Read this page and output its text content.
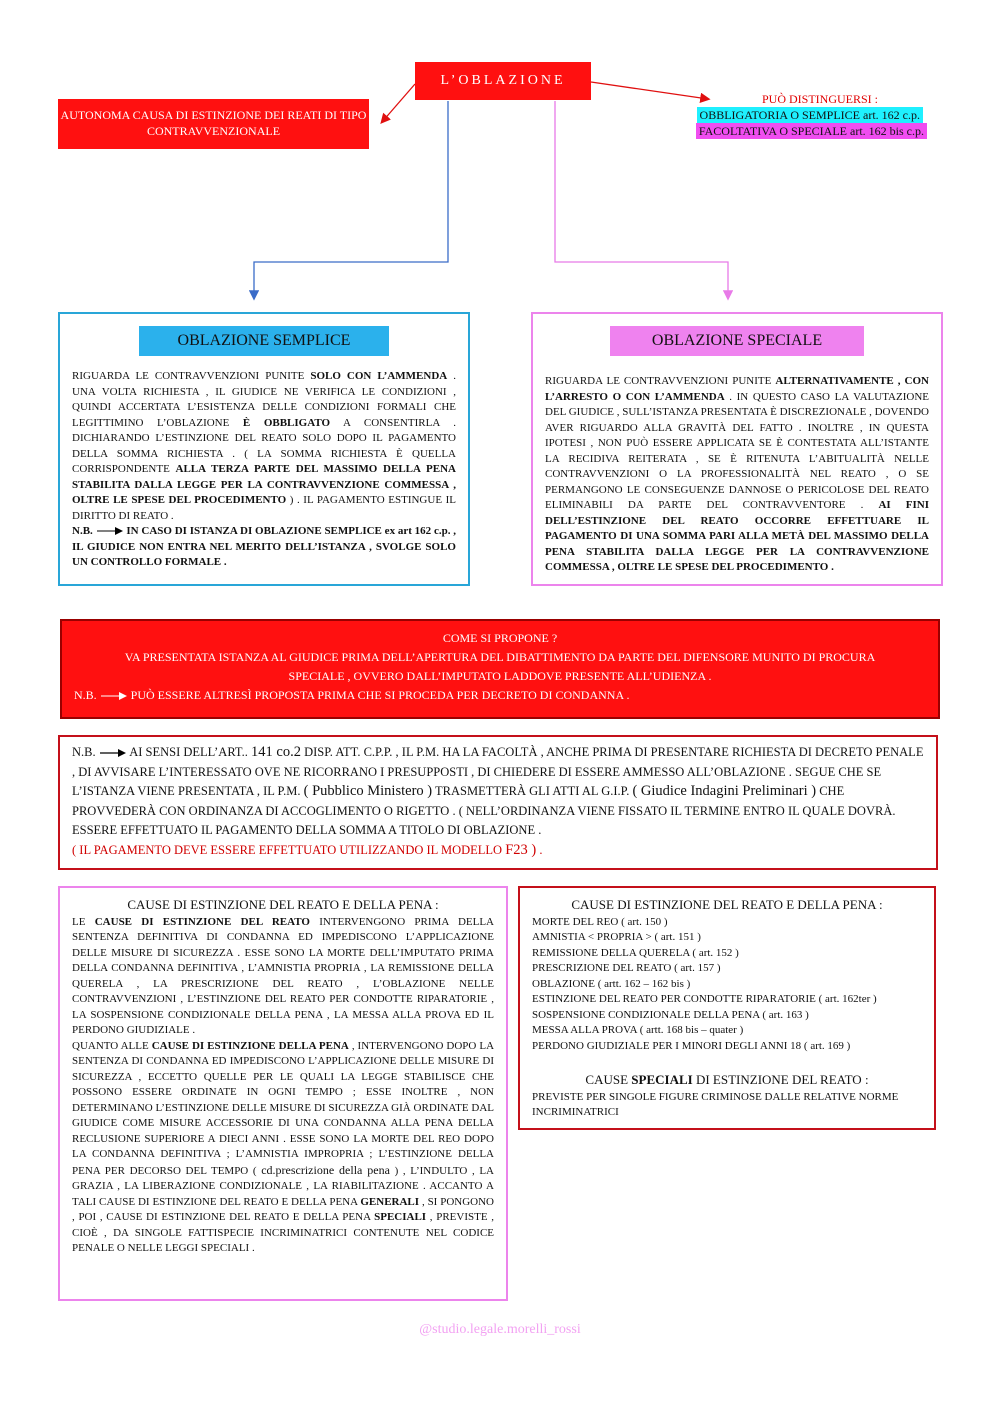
L’OBLAZIONE
AUTONOMA CAUSA DI ESTINZIONE DEI REATI DI TIPO CONTRAVVENZIONALE
PUÒ DISTINGUERSI :
OBBLIGATORIA O SEMPLICE art. 162 c.p.
FACOLTATIVA O SPECIALE art. 162 bis c.p.
OBLAZIONE SEMPLICE
RIGUARDA LE CONTRAVVENZIONI PUNITE SOLO CON L’AMMENDA . UNA VOLTA RICHIESTA , IL GIUDICE NE VERIFICA LE CONDIZIONI , QUINDI ACCERTATA L’ESISTENZA DELLE CONDIZIONI FORMALI CHE LEGITTIMINO L’OBLAZIONE È OBBLIGATO A CONSENTIRLA . DICHIARANDO L’ESTINZIONE DEL REATO SOLO DOPO IL PAGAMENTO DELLA SOMMA RICHIESTA . ( LA SOMMA RICHIESTA È QUELLA CORRISPONDENTE ALLA TERZA PARTE DEL MASSIMO DELLA PENA STABILITA DALLA LEGGE PER LA CONTRAVVENZIONE COMMESSA , OLTRE LE SPESE DEL PROCEDIMENTO ) . IL PAGAMENTO ESTINGUE IL DIRITTO DI REATO .
N.B.	IN CASO DI ISTANZA DI OBLAZIONE SEMPLICE ex art 162 c.p. , IL GIUDICE NON ENTRA NEL MERITO DELL’ISTANZA , SVOLGE SOLO UN CONTROLLO FORMALE .
OBLAZIONE SPECIALE
RIGUARDA LE CONTRAVVENZIONI PUNITE ALTERNATIVAMENTE , CON L’ARRESTO O CON L’AMMENDA . IN QUESTO CASO LA VALUTAZIONE DEL GIUDICE , SULL’ISTANZA PRESENTATA È DISCREZIONALE , DOVENDO AVER RIGUARDO ALLA GRAVITÀ DEL FATTO . INOLTRE , IN QUESTA IPOTESI , NON PUÒ ESSERE APPLICATA SE È CONTESTATA ALL’ISTANTE LA RECIDIVA REITERATA , SE È RITENUTA L’ABITUALITÀ NELLE CONTRAVVENZIONI O LA PROFESSIONALITÀ NEL REATO , O SE PERMANGONO LE CONSEGUENZE DANNOSE O PERICOLOSE DEL REATO ELIMINABILI DA PARTE DEL CONTRAVVENTORE . AI FINI DELL’ESTINZIONE DEL REATO OCCORRE EFFETTUARE IL PAGAMENTO DI UNA SOMMA PARI ALLA METÀ DEL MASSIMO DELLA PENA STABILITA DALLA LEGGE PER LA CONTRAVVENZIONE COMMESSA , OLTRE LE SPESE DEL PROCEDIMENTO .
COME SI PROPONE ?
VA PRESENTATA ISTANZA AL GIUDICE PRIMA DELL’APERTURA DEL DIBATTIMENTO DA PARTE DEL DIFENSORE MUNITO DI PROCURA SPECIALE , OVVERO DALL’IMPUTATO LADDOVE PRESENTE ALL’UDIENZA .
N.B.	PUÒ ESSERE ALTRESÌ PROPOSTA PRIMA CHE SI PROCEDA PER DECRETO DI CONDANNA .
N.B.	AI SENSI DELL’ART.. 141 co.2 DISP. ATT. C.P.P. , IL P.M. HA LA FACOLTÀ , ANCHE PRIMA DI PRESENTARE RICHIESTA DI DECRETO PENALE , DI AVVISARE L’INTERESSATO OVE NE RICORRANO I PRESUPPOSTI , DI CHIEDERE DI ESSERE AMMESSO ALL’OBLAZIONE . SEGUE CHE SE L’ISTANZA VIENE PRESENTATA , IL P.M. ( Pubblico Ministero ) TRASMETTERÀ GLI ATTI AL G.I.P. ( Giudice Indagini Preliminari ) CHE PROVVEDERÀ CON ORDINANZA DI ACCOGLIMENTO O RIGETTO . ( NELL’ORDINANZA VIENE FISSATO IL TERMINE ENTRO IL QUALE DOVRÀ. ESSERE EFFETTUATO IL PAGAMENTO DELLA SOMMA A TITOLO DI OBLAZIONE .
( IL PAGAMENTO DEVE ESSERE EFFETTUATO UTILIZZANDO IL MODELLO F23 ) .
CAUSE DI ESTINZIONE DEL REATO E DELLA PENA :
LE CAUSE DI ESTINZIONE DEL REATO INTERVENGONO PRIMA DELLA SENTENZA DEFINITIVA DI CONDANNA ED IMPEDISCONO L’APPLICAZIONE DELLE MISURE DI SICUREZZA . ESSE SONO LA MORTE DELL’IMPUTATO PRIMA DELLA CONDANNA DEFINITIVA , L’AMNISTIA PROPRIA , LA REMISSIONE DELLA QUERELA , LA PRESCRIZIONE DEL REATO , L’OBLAZIONE NELLE CONTRAVVENZIONI , L’ESTINZIONE DEL REATO PER CONDOTTE RIPARATORIE , LA SOSPENSIONE CONDIZIONALE DELLA PENA , LA MESSA ALLA PROVA ED IL PERDONO GIUDIZIALE .
QUANTO ALLE CAUSE DI ESTINZIONE DELLA PENA , INTERVENGONO DOPO LA SENTENZA DI CONDANNA ED IMPEDISCONO L’APPLICAZIONE DELLE MISURE DI SICUREZZA , ECCETTO QUELLE PER LE QUALI LA LEGGE STABILISCE CHE POSSONO ESSERE ORDINATE IN OGNI TEMPO ; ESSE INOLTRE , NON DETERMINANO L’ESTINZIONE DELLE MISURE DI SICUREZZA GIÀ ORDINATE DAL GIUDICE COME MISURE ACCESSORIE DI UNA CONDANNA ALLA PENA DELLA RECLUSIONE SUPERIORE A DIECI ANNI . ESSE SONO LA MORTE DEL REO DOPO LA CONDANNA DEFINITIVA ; L’AMNISTIA IMPROPRIA ; L’ESTINZIONE DELLA PENA PER DECORSO DEL TEMPO ( cd.prescrizione della pena ) , L’INDULTO , LA GRAZIA , LA LIBERAZIONE CONDIZIONALE , LA RIABILITAZIONE . ACCANTO A TALI CAUSE DI ESTINZIONE DEL REATO E DELLA PENA GENERALI , SI PONGONO , POI , CAUSE DI ESTINZIONE DEL REATO E DELLA PENA SPECIALI , PREVISTE , CIOÈ , DA SINGOLE FATTISPECIE INCRIMINATRICI CONTENUTE NEL CODICE PENALE O NELLE LEGGI SPECIALI .
CAUSE DI ESTINZIONE DEL REATO E DELLA PENA :
MORTE DEL REO ( art. 150 )
AMNISTIA < PROPRIA > ( art. 151 )
REMISSIONE DELLA QUERELA ( art. 152 )
PRESCRIZIONE DEL REATO ( art. 157 )
OBLAZIONE ( artt. 162 – 162 bis )
ESTINZIONE DEL REATO PER CONDOTTE RIPARATORIE ( art. 162ter )
SOSPENSIONE CONDIZIONALE DELLA PENA ( art. 163 )
MESSA ALLA PROVA ( artt. 168 bis – quater )
PERDONO GIUDIZIALE PER I MINORI DEGLI ANNI 18 ( art. 169 )
CAUSE SPECIALI DI ESTINZIONE DEL REATO :
PREVISTE PER SINGOLE FIGURE CRIMINOSE DALLE RELATIVE NORME INCRIMINATRICI
@studio.legale.morelli_rossi
